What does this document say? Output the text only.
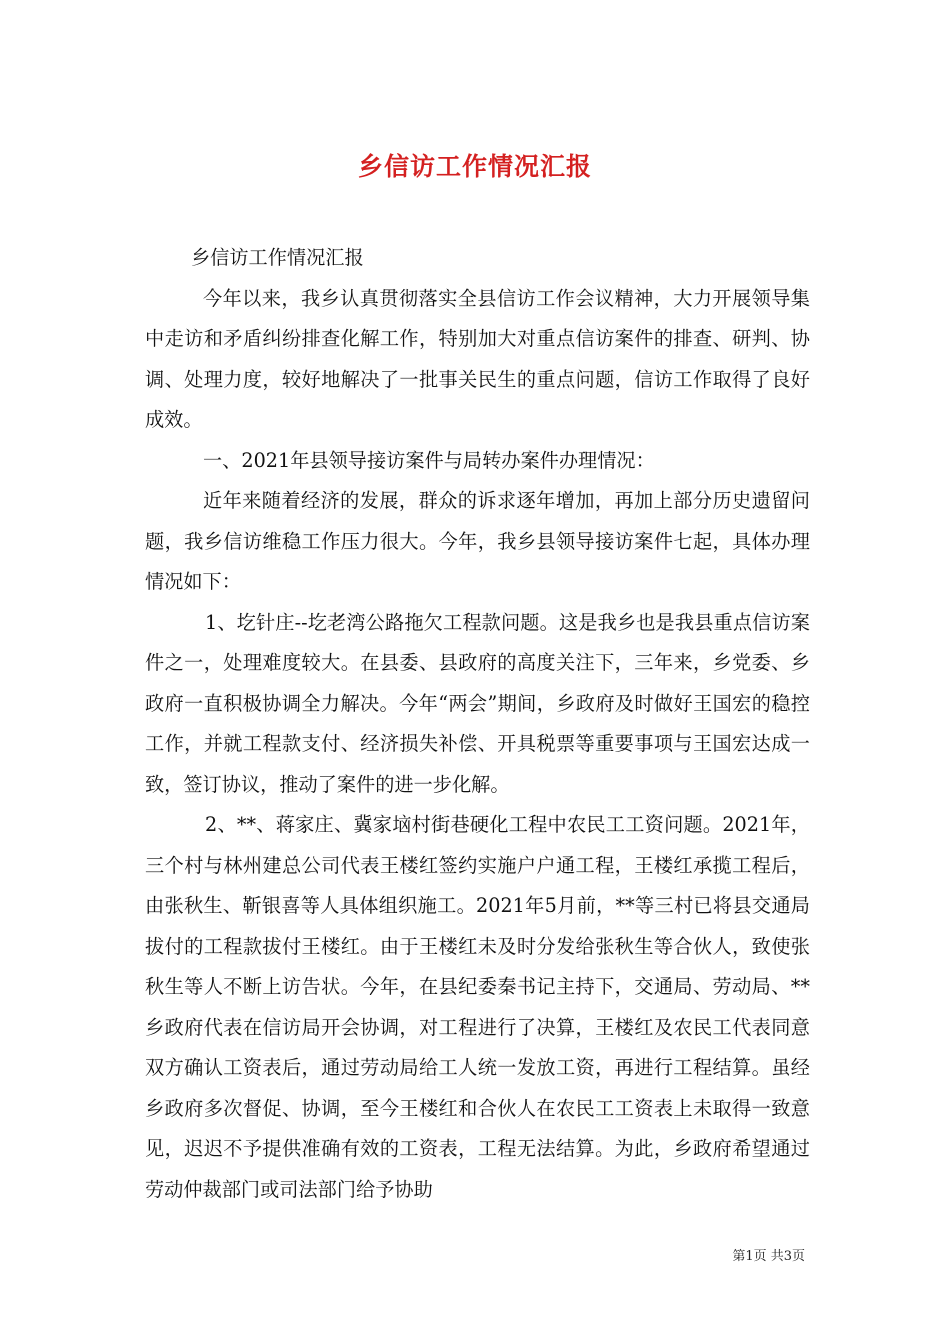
乡信访工作情况汇报

乡信访工作情况汇报

今年以来，我乡认真贯彻落实全县信访工作会议精神，大力开展领导集中走访和矛盾纠纷排查化解工作，特别加大对重点信访案件的排查、研判、协调、处理力度，较好地解决了一批事关民生的重点问题，信访工作取得了良好成效。

一、2021年县领导接访案件与局转办案件办理情况：

近年来随着经济的发展，群众的诉求逐年增加，再加上部分历史遗留问题，我乡信访维稳工作压力很大。今年，我乡县领导接访案件七起，具体办理情况如下：

1、圪针庄--圪老湾公路拖欠工程款问题。这是我乡也是我县重点信访案件之一，处理难度较大。在县委、县政府的高度关注下，三年来，乡党委、乡政府一直积极协调全力解决。今年“两会”期间，乡政府及时做好王国宏的稳控工作，并就工程款支付、经济损失补偿、开具税票等重要事项与王国宏达成一致，签订协议，推动了案件的进一步化解。

2、**、蒋家庄、冀家垴村街巷硬化工程中农民工工资问题。2021年，三个村与林州建总公司代表王楼红签约实施户户通工程，王楼红承揽工程后，由张秋生、靳银喜等人具体组织施工。2021年5月前，**等三村已将县交通局拔付的工程款拔付王楼红。由于王楼红未及时分发给张秋生等合伙人，致使张秋生等人不断上访告状。今年，在县纪委秦书记主持下，交通局、劳动局、**乡政府代表在信访局开会协调，对工程进行了决算，王楼红及农民工代表同意双方确认工资表后，通过劳动局给工人统一发放工资，再进行工程结算。虽经乡政府多次督促、协调，至今王楼红和合伙人在农民工工资表上未取得一致意见，迟迟不予提供准确有效的工资表，工程无法结算。为此，乡政府希望通过劳动仲裁部门或司法部门给予协助

第1页 共3页
